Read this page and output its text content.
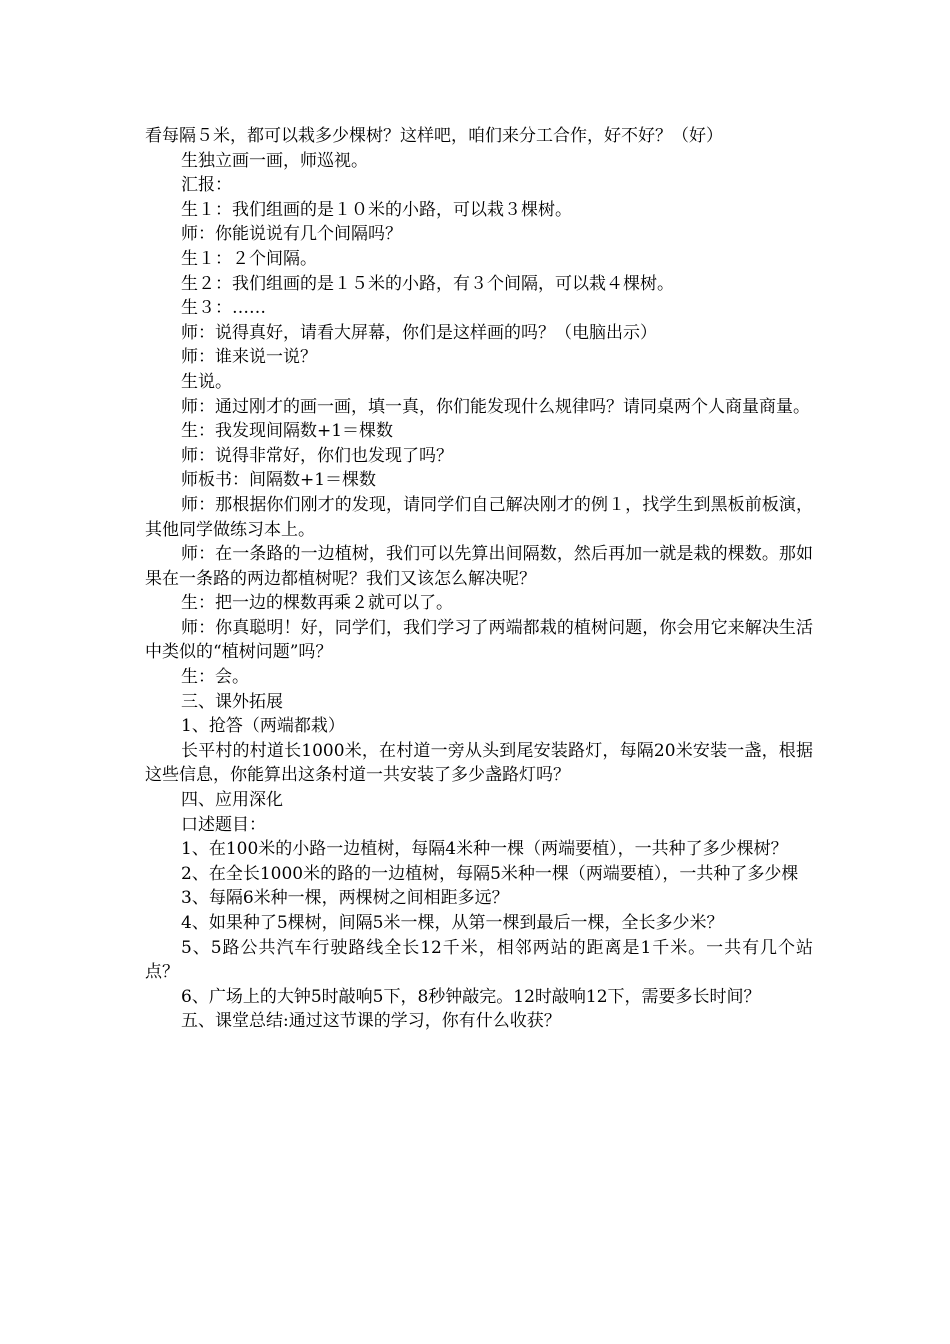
看每隔５米，都可以栽多少棵树？这样吧，咱们来分工合作，好不好？（好）

生独立画一画，师巡视。

汇报：

生１：我们组画的是１０米的小路，可以栽３棵树。

师：你能说说有几个间隔吗？

生１：２个间隔。

生２：我们组画的是１５米的小路，有３个间隔，可以栽４棵树。

生３：……

师：说得真好，请看大屏幕，你们是这样画的吗？（电脑出示）

师：谁来说一说？

生说。

师：通过刚才的画一画，填一真，你们能发现什么规律吗？请同桌两个人商量商量。

生：我发现间隔数+1＝棵数

师：说得非常好，你们也发现了吗？

师板书：间隔数+1＝棵数

师：那根据你们刚才的发现，请同学们自己解决刚才的例１，找学生到黑板前板演，其他同学做练习本上。

师：在一条路的一边植树，我们可以先算出间隔数，然后再加一就是栽的棵数。那如果在一条路的两边都植树呢？我们又该怎么解决呢？

生：把一边的棵数再乘２就可以了。

师：你真聪明！好，同学们，我们学习了两端都栽的植树问题，你会用它来解决生活中类似的“植树问题”吗？

生：会。

三、课外拓展

1、抢答（两端都栽）

长平村的村道长1000米，在村道一旁从头到尾安装路灯，每隔20米安装一盏，根据这些信息，你能算出这条村道一共安装了多少盏路灯吗？

四、应用深化

口述题目：

1、在100米的小路一边植树，每隔4米种一棵（两端要植），一共种了多少棵树？

2、在全长1000米的路的一边植树，每隔5米种一棵（两端要植），一共种了多少棵

3、每隔6米种一棵，两棵树之间相距多远？

4、如果种了5棵树，间隔5米一棵，从第一棵到最后一棵，全长多少米？

5、5路公共汽车行驶路线全长12千米，相邻两站的距离是1千米。一共有几个站点？

6、广场上的大钟5时敲响5下，8秒钟敲完。12时敲响12下，需要多长时间？

五、课堂总结:通过这节课的学习，你有什么收获？
